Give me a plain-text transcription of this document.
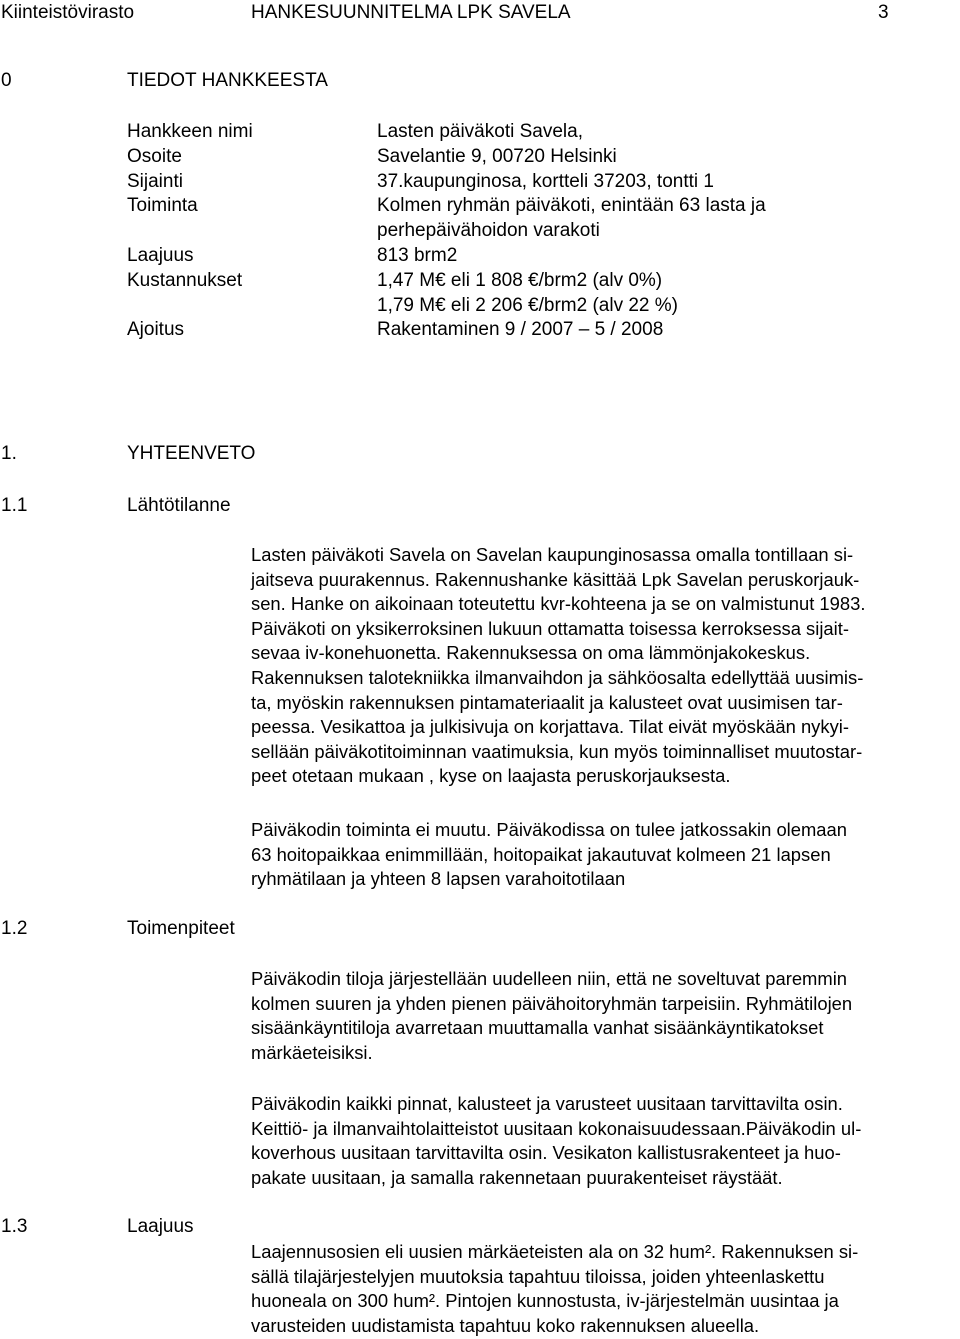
Kiinteistövirasto	HANKESUUNNITELMA LPK SAVELA	3
0	TIEDOT HANKKEESTA
Hankkeen nimi	Lasten päiväkoti Savela,
Osoite	Savelantie 9, 00720 Helsinki
Sijainti	37.kaupunginosa, kortteli 37203, tontti 1
Toiminta	Kolmen ryhmän päiväkoti, enintään 63 lasta ja
perhepäivähoidon varakoti
Laajuus	813 brm2
Kustannukset	1,47 M€ eli 1 808 €/brm2 (alv 0%)
1,79 M€ eli 2 206 €/brm2 (alv 22 %)
Ajoitus	Rakentaminen 9 / 2007 – 5 / 2008
1.	YHTEENVETO
1.1	Lähtötilanne
Lasten päiväkoti Savela on Savelan kaupunginosassa omalla tontillaan si-
jaitseva puurakennus. Rakennushanke käsittää Lpk Savelan peruskorjauk-
sen. Hanke on aikoinaan toteutettu kvr-kohteena ja se on valmistunut 1983.
Päiväkoti on yksikerroksinen lukuun ottamatta toisessa kerroksessa sijait-
sevaa iv-konehuonetta. Rakennuksessa on oma lämmönjakokeskus.
Rakennuksen talotekniikka ilmanvaihdon ja sähköosalta edellyttää uusimis-
ta, myöskin rakennuksen pintamateriaalit ja kalusteet ovat uusimisen tar-
peessa. Vesikattoa ja julkisivuja on korjattava. Tilat eivät myöskään nykyi-
sellään päiväkotitoiminnan vaatimuksia, kun myös toiminnalliset muutostar-
peet otetaan mukaan , kyse on laajasta peruskorjauksesta.
Päiväkodin toiminta ei muutu. Päiväkodissa on tulee jatkossakin olemaan
63 hoitopaikkaa enimmillään, hoitopaikat jakautuvat kolmeen 21 lapsen
ryhmätilaan ja yhteen 8 lapsen varahoitotilaan
1.2	Toimenpiteet
Päiväkodin tiloja järjestellään uudelleen niin, että ne soveltuvat paremmin
kolmen suuren ja yhden pienen päivähoitoryhmän tarpeisiin. Ryhmätilojen
sisäänkäyntitiloja avarretaan muuttamalla vanhat sisäänkäyntikatokset
märkäeteisiksi.
Päiväkodin kaikki pinnat, kalusteet ja varusteet uusitaan tarvittavilta osin.
Keittiö- ja ilmanvaihtolaitteistot uusitaan kokonaisuudessaan.Päiväkodin ul-
koverhous uusitaan tarvittavilta osin. Vesikaton kallistusrakenteet ja huo-
pakate uusitaan, ja samalla rakennetaan puurakenteiset räystäät.
1.3	Laajuus
Laajennusosien eli uusien märkäeteisten ala on 32 hum². Rakennuksen si-
sällä tilajärjestelyjen muutoksia tapahtuu tiloissa, joiden yhteenlaskettu
huoneala on 300 hum². Pintojen kunnostusta, iv-järjestelmän uusintaa ja
varusteiden uudistamista tapahtuu koko rakennuksen alueella.
